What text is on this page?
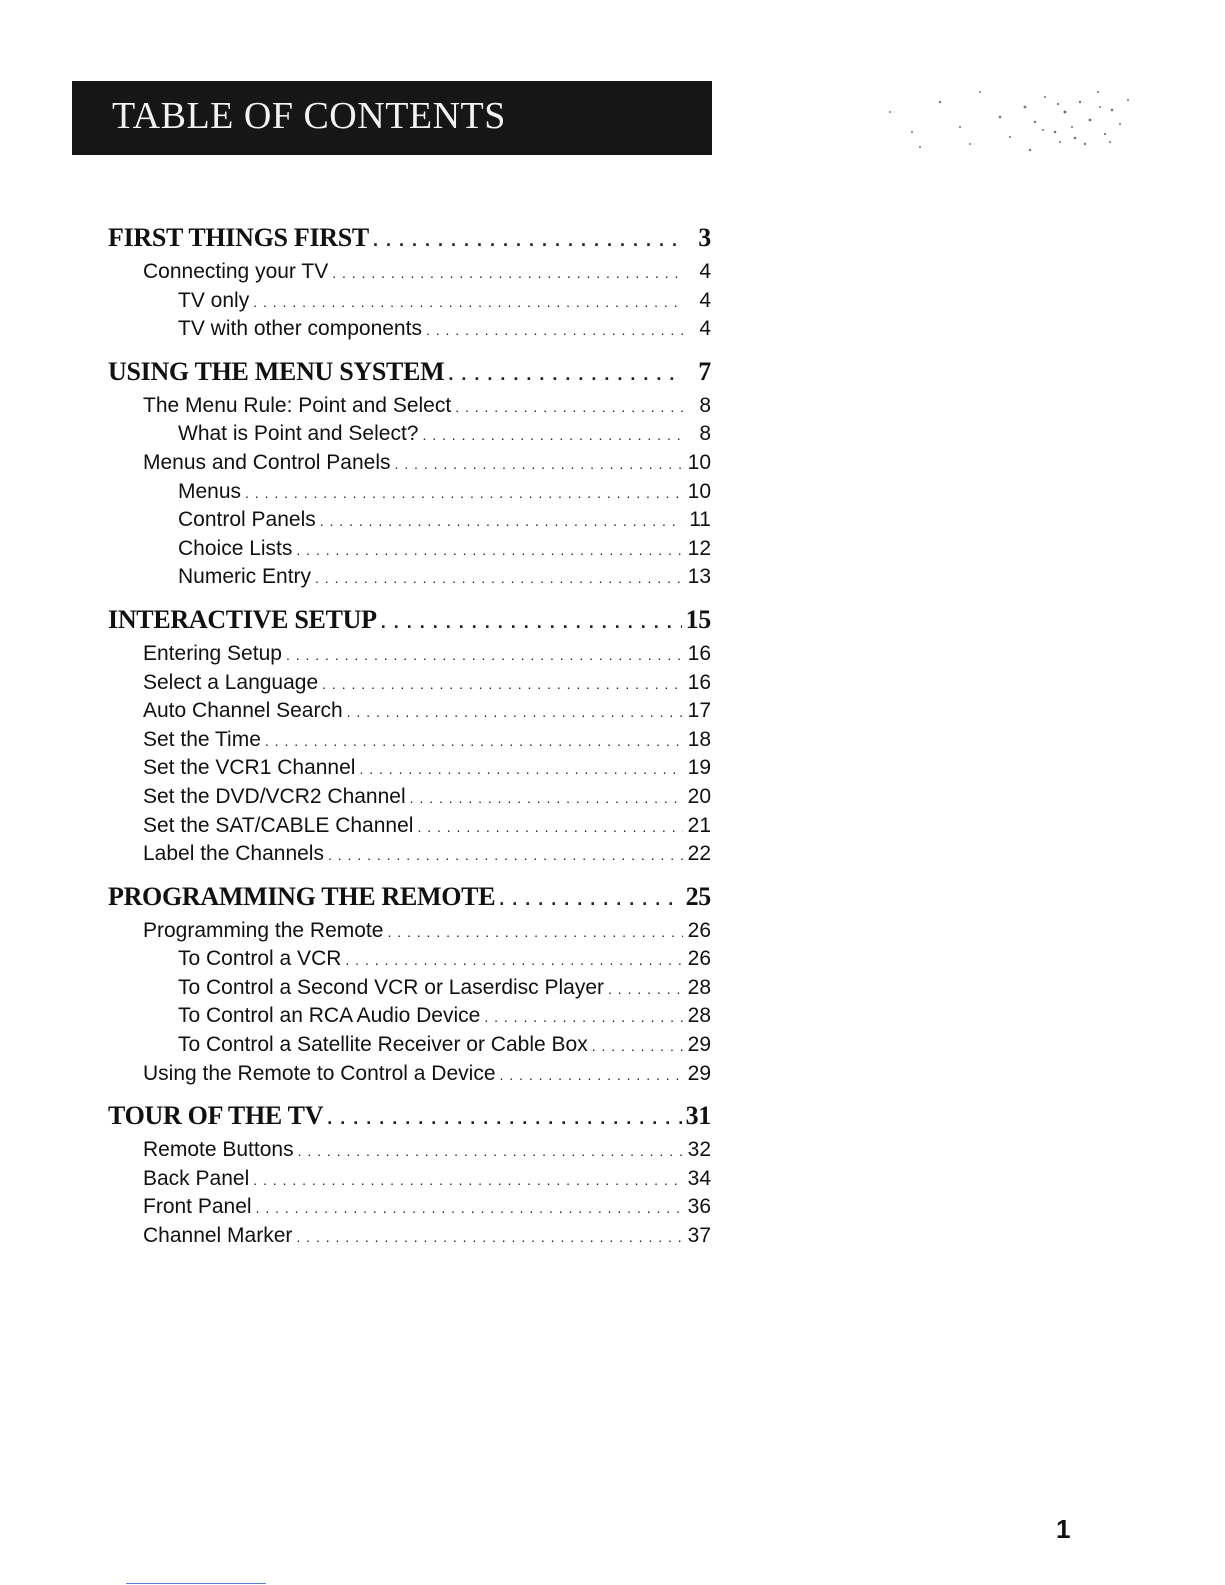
TABLE OF CONTENTS
FIRST THINGS FIRST . . .	3
Connecting your TV . . .	4
TV only . . .	4
TV with other components . . .	4
USING THE MENU SYSTEM . . .	7
The Menu Rule: Point and Select . . .	8
What is Point and Select? . . .	8
Menus and Control Panels . . .	10
Menus . . .	10
Control Panels . . .	11
Choice Lists . . .	12
Numeric Entry . . .	13
INTERACTIVE SETUP . . .	15
Entering Setup . . .	16
Select a Language . . .	16
Auto Channel Search . . .	17
Set the Time . . .	18
Set the VCR1 Channel . . .	19
Set the DVD/VCR2 Channel . . .	20
Set the SAT/CABLE Channel . . .	21
Label the Channels . . .	22
PROGRAMMING THE REMOTE . . .	25
Programming the Remote . . .	26
To Control a VCR . . .	26
To Control a Second VCR or Laserdisc Player . . .	28
To Control an RCA Audio Device . . .	28
To Control a Satellite Receiver or Cable Box . . .	29
Using the Remote to Control a Device . . .	29
TOUR OF THE TV . . .	31
Remote Buttons . . .	32
Back Panel . . .	34
Front Panel . . .	36
Channel Marker . . .	37
1
